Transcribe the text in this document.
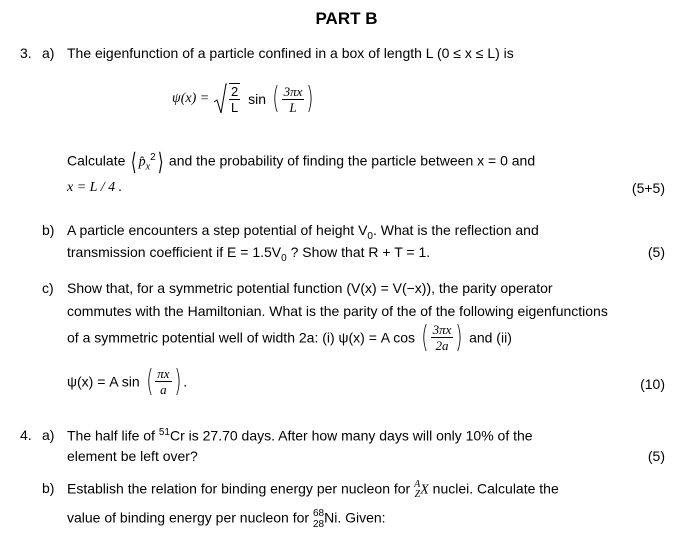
PART B
3. a) The eigenfunction of a particle confined in a box of length L (0 ≤ x ≤ L) is
$\psi(x) = \frac{2}{L}$ sin ( $\frac{3\pi x}{L}$ )
Calculate ⟨ $p̂_x^2⟩$ and the probability of finding the particle between x = 0 and
x = L / 4 .	(5+5)
b) A particle encounters a step potential of height $V_0$. What is the reflection and
transmission coefficient if $E = 1.5V_0$ ? Show that R + T = 1.	(5)
c) Show that, for a symmetric potential function (V(x) = V(−x)), the parity operator
commutes with the Hamiltonian. What is the parity of the of the following eigenfunctions
of a symmetric potential well of width 2a: (i) ψ(x) = A cos ( $\frac{3\pi x}{2a}$ ) and (ii)
ψ(x) = A sin ( $\frac{\pi x}{a}$ ) .	(10)
4. a) The half life of $^{51}$Cr is 27.70 days. After how many days will only 10% of the
element be left over?	(5)
b) Establish the relation for binding energy per nucleon for A
Z X nuclei. Calculate the
value of binding energy per nucleon for 68
28 Ni. Given:
